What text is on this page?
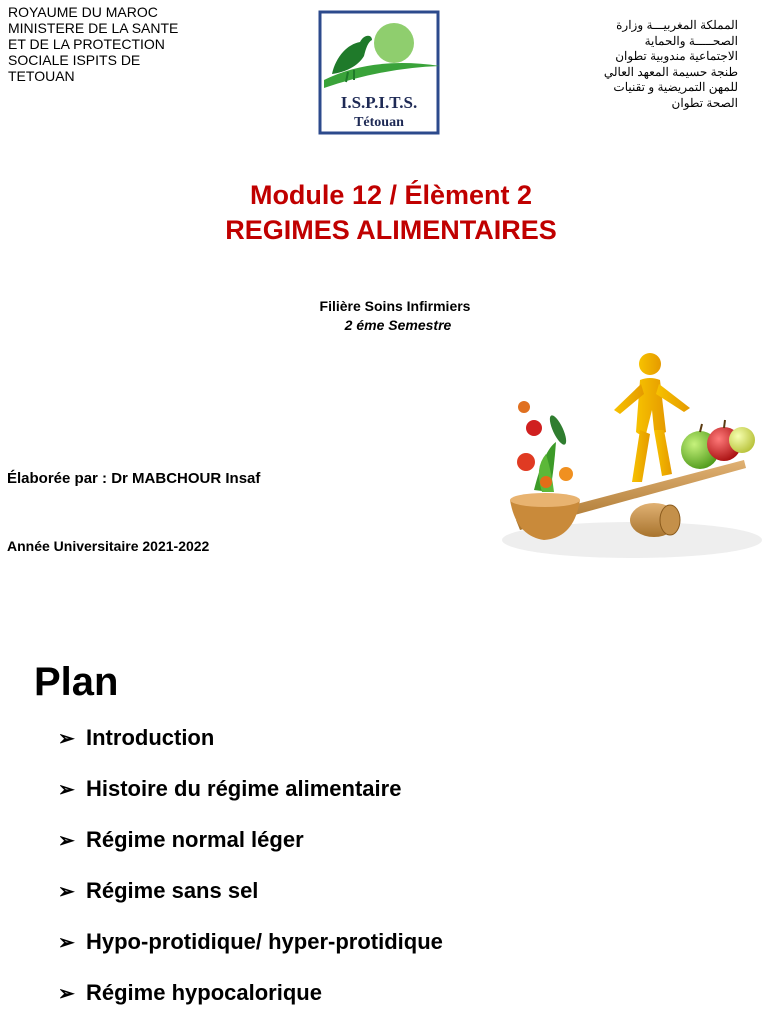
ROYAUME DU MAROC
MINISTERE DE LA SANTE
ET DE LA PROTECTION
SOCIALE ISPITS DE
TETOUAN
I.S.P.I.T.S.
Tétouan
المملكة المغربيـــة وزارة
الصحـــــة والحماية
الاجتماعية مندوبية تطوان
طنجة حسيمة المعهد العالي
للمهن التمريضية و تقنيات
الصحة تطوان
Module 12 / Élèment 2
REGIMES ALIMENTAIRES
Filière Soins Infirmiers
2 éme Semestre
Élaborée par : Dr MABCHOUR Insaf
Année Universitaire 2021-2022
Plan
➢ Introduction
➢ Histoire du régime alimentaire
➢ Régime normal léger
➢ Régime sans sel
➢ Hypo-protidique/ hyper-protidique
➢ Régime hypocalorique
